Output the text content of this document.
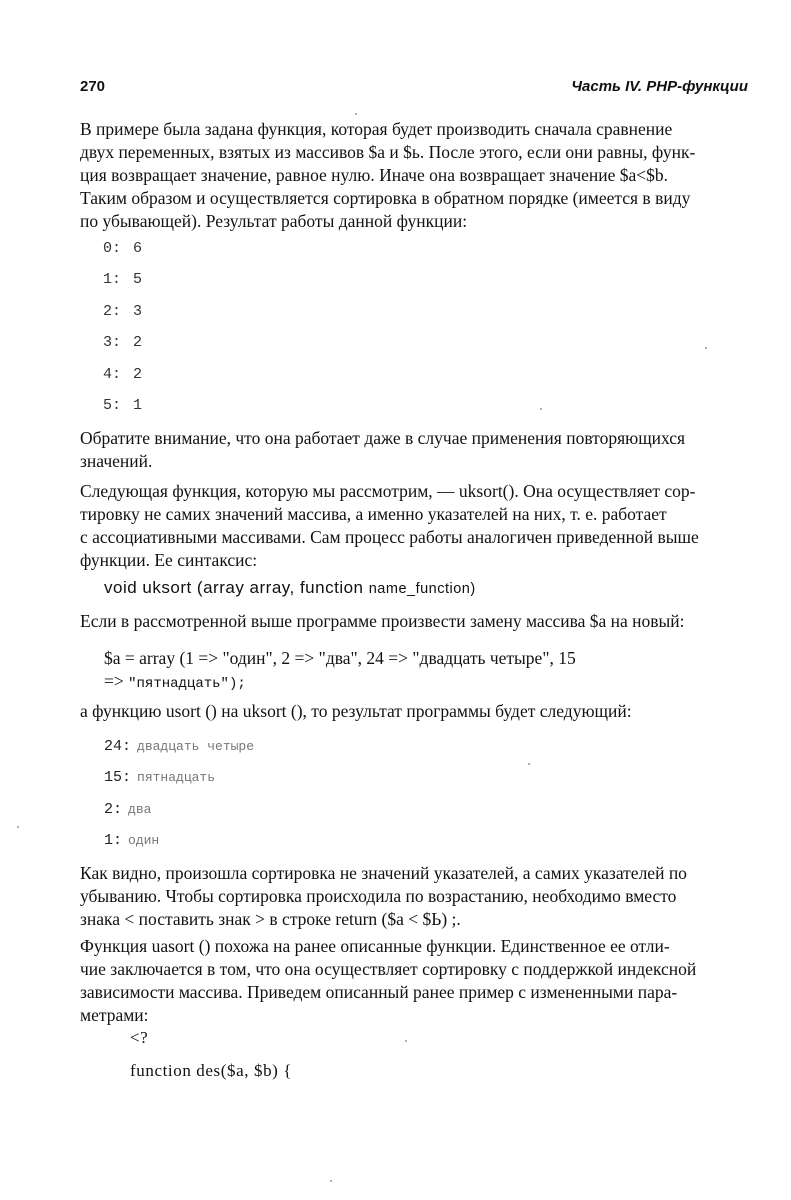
270	Часть IV. PHP-функции

В примере была задана функция, которая будет производить сначала сравнение
двух переменных, взятых из массивов $а и $ь. После этого, если они равны, функ-
ция возвращает значение, равное нулю. Иначе она возвращает значение $a<$b.
Таким образом и осуществляется сортировка в обратном порядке (имеется в виду
по убывающей). Результат работы данной функции:

0: 6
1: 5
2: 3
3: 2
4: 2
5: 1

Обратите внимание, что она работает даже в случае применения повторяющихся
значений.

Следующая функция, которую мы рассмотрим, — uksort(). Она осуществляет сор-
тировку не самих значений массива, а именно указателей на них, т. е. работает
с ассоциативными массивами. Сам процесс работы аналогичен приведенной выше
функции. Ее синтаксис:

void uksort (array array, function name_function)

Если в рассмотренной выше программе произвести замену массива $а на новый:

$a = array (1 => "один", 2 => "два", 24 => "двадцать четыре", 15
=> "пятнадцать");

а функцию usort () на uksort (), то результат программы будет следующий:

24: двадцать четыре
15: пятнадцать
2: два
1: один

Как видно, произошла сортировка не значений указателей, а самих указателей по
убыванию. Чтобы сортировка происходила по возрастанию, необходимо вместо
знака < поставить знак > в строке return ($а < $Ь) ;.

Функция uasort () похожа на ранее описанные функции. Единственное ее отли-
чие заключается в том, что она осуществляет сортировку с поддержкой индексной
зависимости массива. Приведем описанный ранее пример с измененными пара-
метрами:

<?
function des($a, $b) {
